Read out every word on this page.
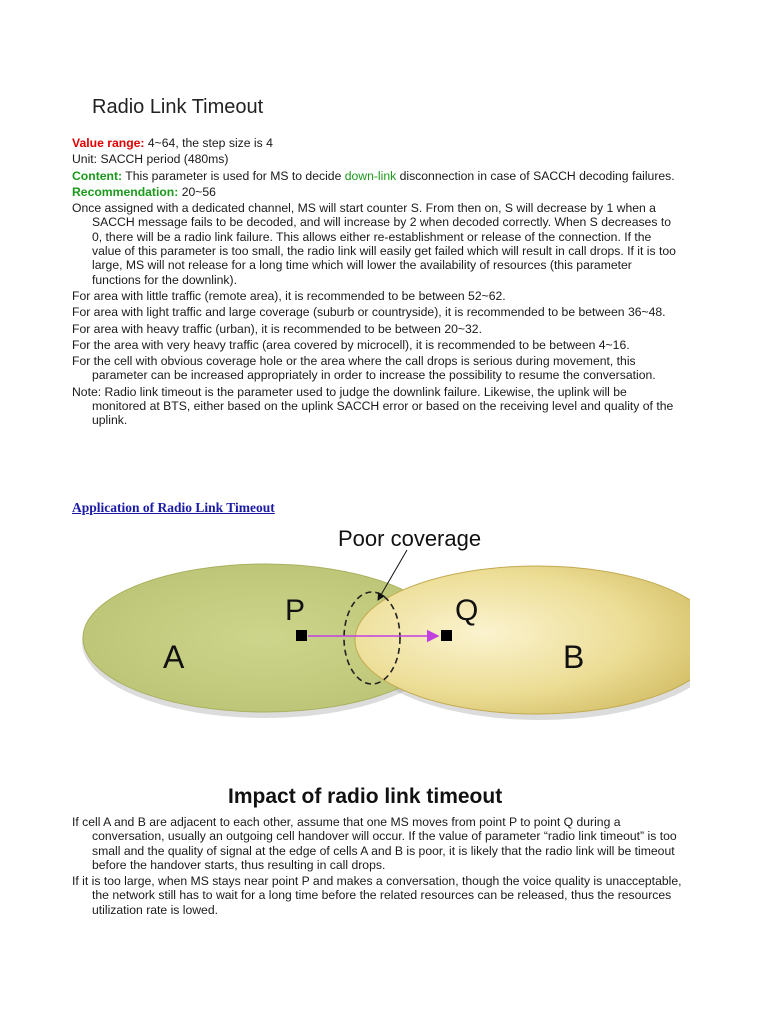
Radio Link Timeout

Value range: 4~64, the step size is 4

Unit: SACCH period (480ms)

Content: This parameter is used for MS to decide down-link disconnection in case of SACCH decoding failures.

Recommendation: 20~56

Once assigned with a dedicated channel, MS will start counter S. From then on, S will decrease by 1 when a SACCH message fails to be decoded, and will increase by 2 when decoded correctly. When S decreases to 0, there will be a radio link failure. This allows either re-establishment or release of the connection. If the value of this parameter is too small, the radio link will easily get failed which will result in call drops. If it is too large, MS will not release for a long time which will lower the availability of resources (this parameter functions for the downlink).

For area with little traffic (remote area), it is recommended to be between 52~62.

For area with light traffic and large coverage (suburb or countryside), it is recommended to be between 36~48.

For area with heavy traffic (urban), it is recommended to be between 20~32.

For the area with very heavy traffic (area covered by microcell), it is recommended to be between 4~16.

For the cell with obvious coverage hole or the area where the call drops is serious during movement, this parameter can be increased appropriately in order to increase the possibility to resume the conversation.

Note: Radio link timeout is the parameter used to judge the downlink failure. Likewise, the uplink will be monitored at BTS, either based on the uplink SACCH error or based on the receiving level and quality of the uplink.

Application of Radio Link Timeout
Poor coverage
P	Q
A	B
Impact of radio link timeout

If cell A and B are adjacent to each other, assume that one MS moves from point P to point Q during a conversation, usually an outgoing cell handover will occur. If the value of parameter “radio link timeout” is too small and the quality of signal at the edge of cells A and B is poor, it is likely that the radio link will be timeout before the handover starts, thus resulting in call drops.

If it is too large, when MS stays near point P and makes a conversation, though the voice quality is unacceptable, the network still has to wait for a long time before the related resources can be released, thus the resources utilization rate is lowed.
